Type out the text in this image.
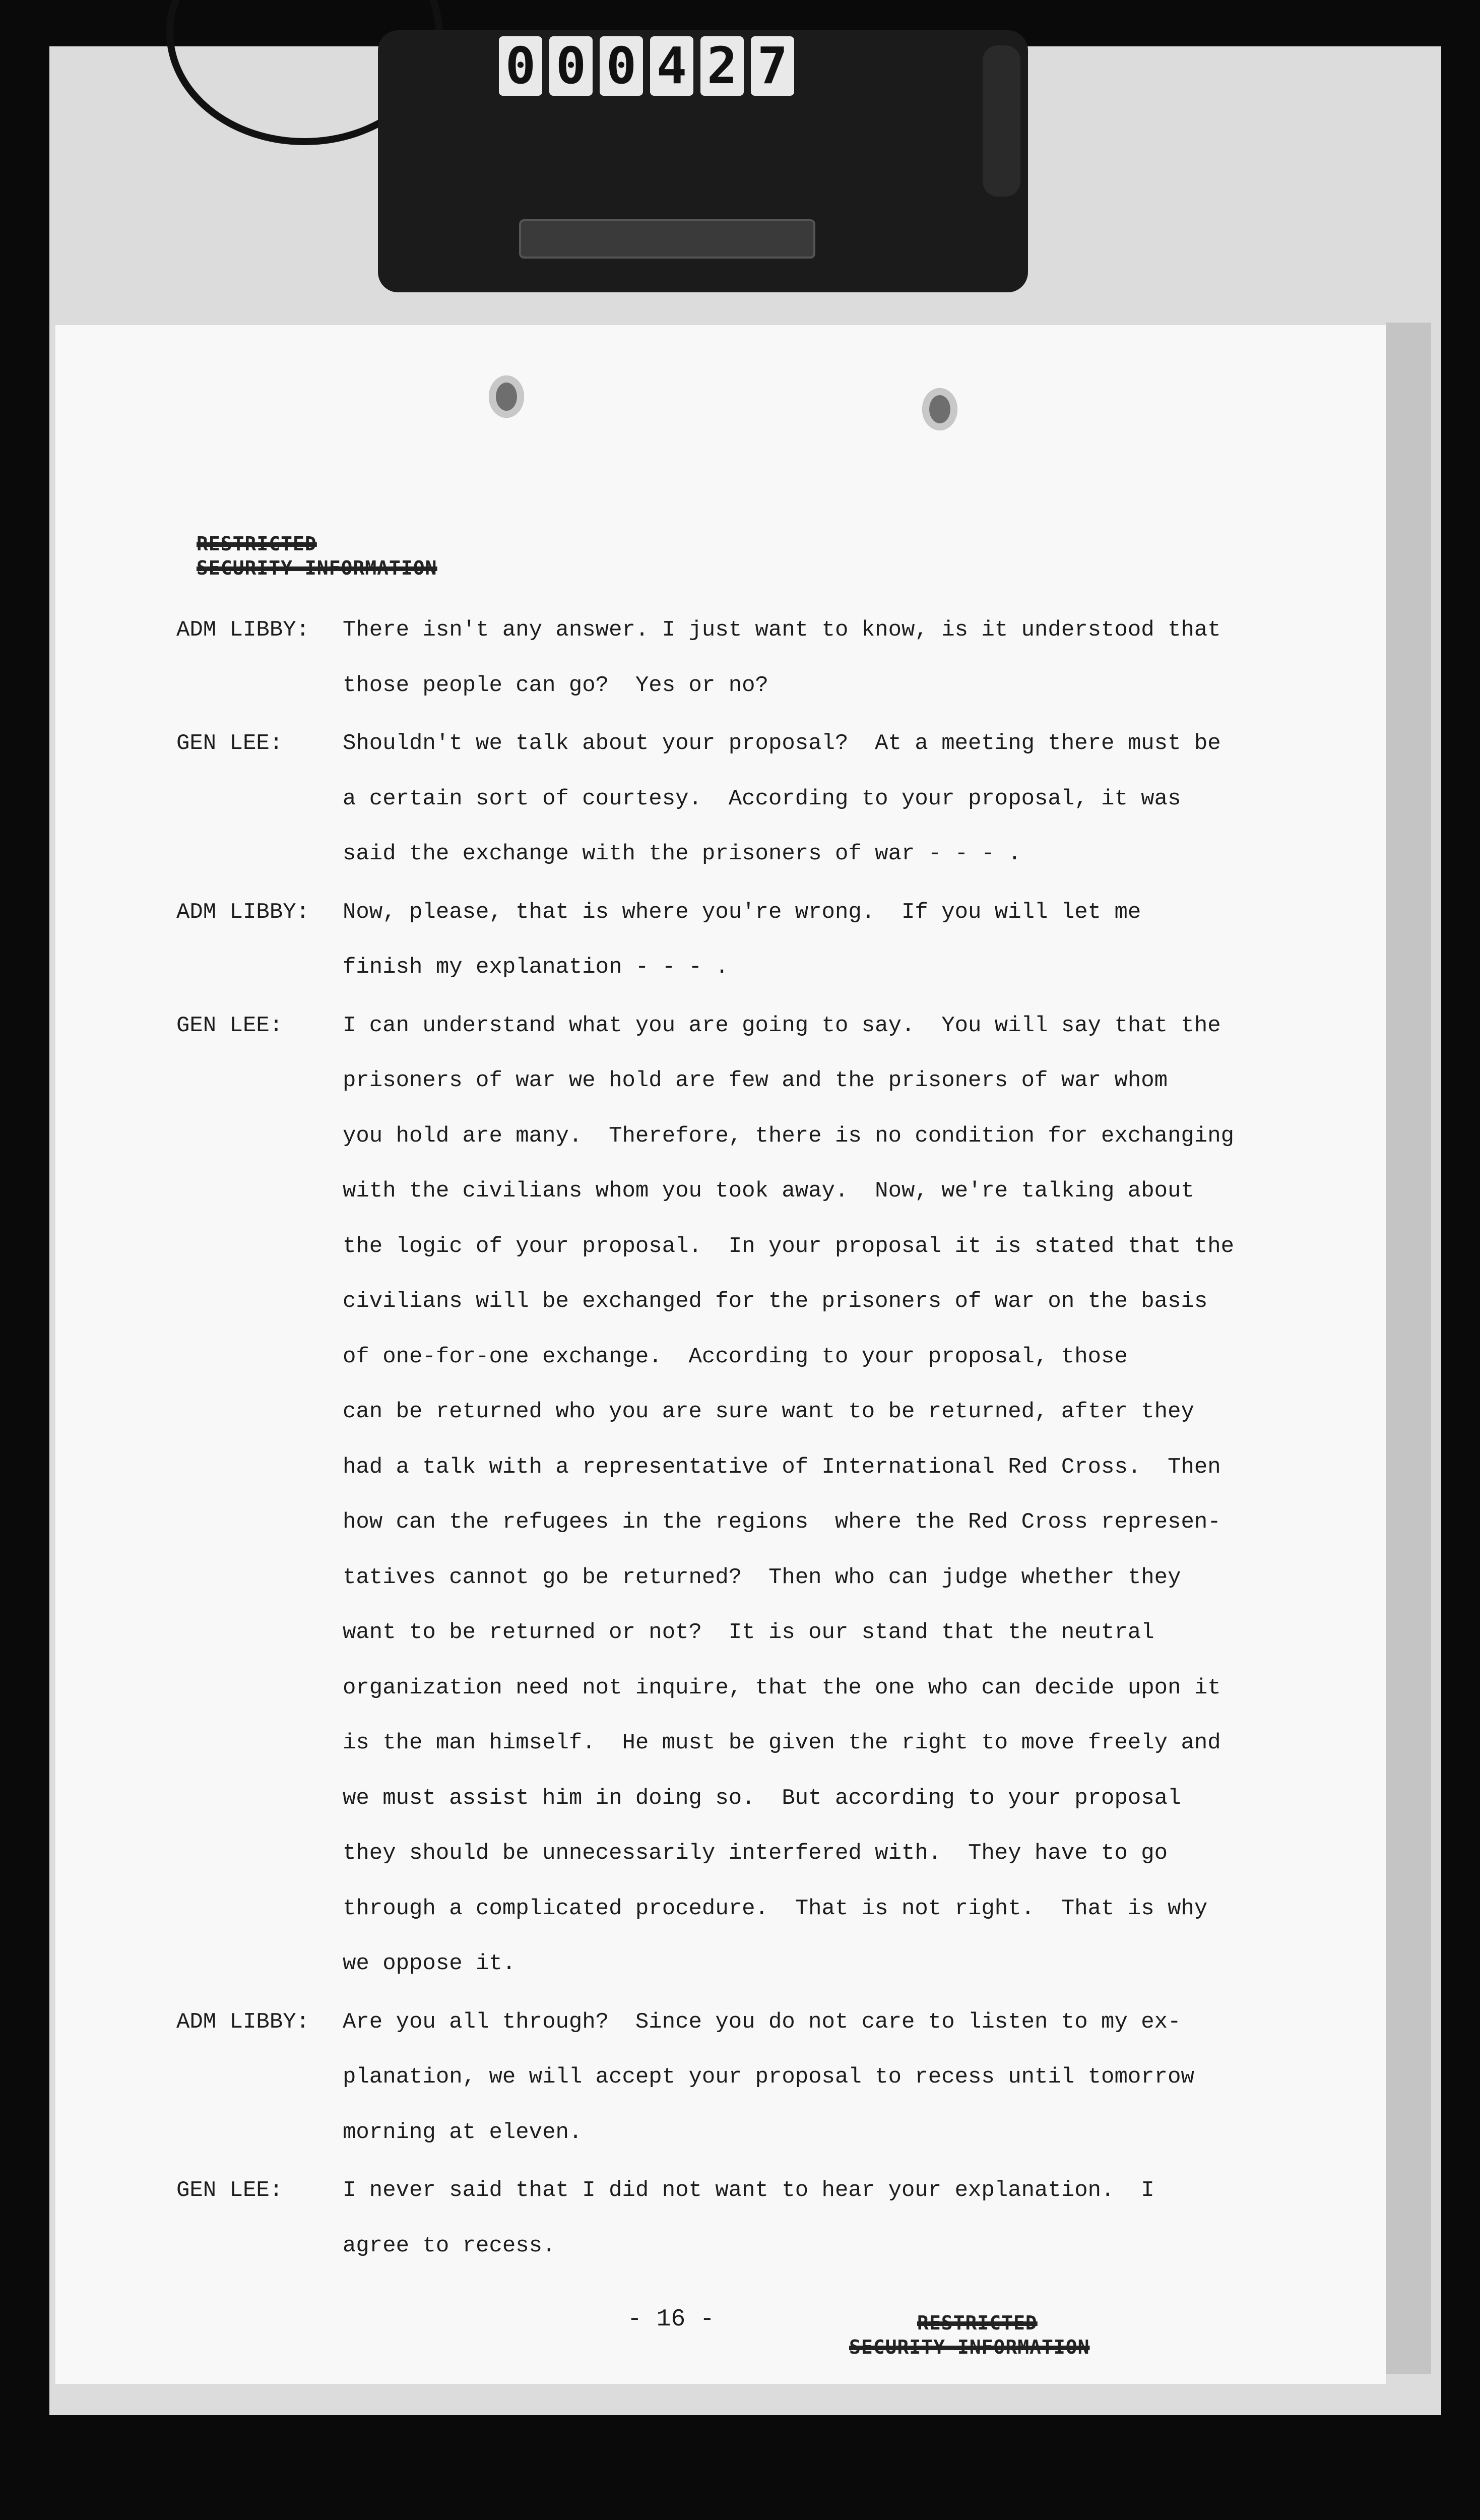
0 0 0 4 2 7
RESTRICTED
SECURITY INFORMATION
ADM LIBBY: There isn't any answer. I just want to know, is it understood that
those people can go?  Yes or no?
GEN LEE:	Shouldn't we talk about your proposal?  At a meeting there must be
a certain sort of courtesy.  According to your proposal, it was
said the exchange with the prisoners of war - - - .
ADM LIBBY: Now, please, that is where you're wrong.  If you will let me
finish my explanation - - - .
GEN LEE:	I can understand what you are going to say.  You will say that the
prisoners of war we hold are few and the prisoners of war whom
you hold are many.  Therefore, there is no condition for exchanging
with the civilians whom you took away.  Now, we're talking about
the logic of your proposal.  In your proposal it is stated that the
civilians will be exchanged for the prisoners of war on the basis
of one-for-one exchange.  According to your proposal, those
can be returned who you are sure want to be returned, after they
had a talk with a representative of International Red Cross.  Then
how can the refugees in the regions  where the Red Cross represen-
tatives cannot go be returned?  Then who can judge whether they
want to be returned or not?  It is our stand that the neutral
organization need not inquire, that the one who can decide upon it
is the man himself.  He must be given the right to move freely and
we must assist him in doing so.  But according to your proposal
they should be unnecessarily interfered with.  They have to go
through a complicated procedure.  That is not right.  That is why
we oppose it.
ADM LIBBY: Are you all through?  Since you do not care to listen to my ex-
planation, we will accept your proposal to recess until tomorrow
morning at eleven.
GEN LEE:	I never said that I did not want to hear your explanation.  I
agree to recess.
- 16 -	RESTRICTED
SECURITY INFORMATION
